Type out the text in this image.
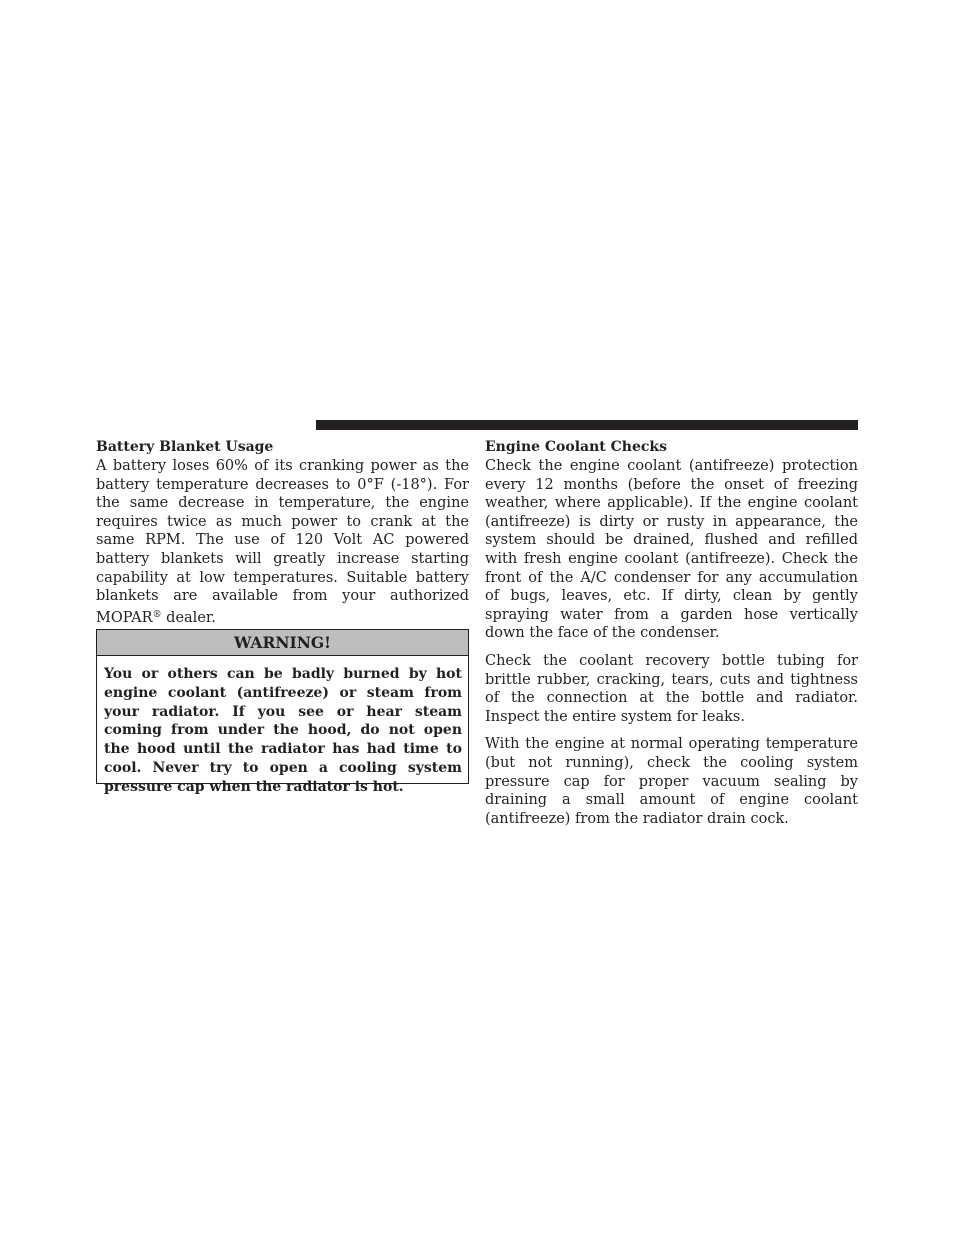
Battery Blanket Usage

A battery loses 60% of its cranking power as the battery temperature decreases to 0°F (-18°). For the same decrease in temperature, the engine requires twice as much power to crank at the same RPM. The use of 120 Volt AC powered battery blankets will greatly increase starting capability at low temperatures. Suitable battery blankets are available from your authorized MOPAR® dealer.

WARNING!
You or others can be badly burned by hot engine coolant (antifreeze) or steam from your radiator. If you see or hear steam coming from under the hood, do not open the hood until the radiator has had time to cool. Never try to open a cooling system pressure cap when the radiator is hot.
Engine Coolant Checks

Check the engine coolant (antifreeze) protection every 12 months (before the onset of freezing weather, where applicable). If the engine coolant (antifreeze) is dirty or rusty in appearance, the system should be drained, flushed and refilled with fresh engine coolant (antifreeze). Check the front of the A/C condenser for any accumulation of bugs, leaves, etc. If dirty, clean by gently spraying water from a garden hose vertically down the face of the condenser.

Check the coolant recovery bottle tubing for brittle rubber, cracking, tears, cuts and tightness of the connection at the bottle and radiator. Inspect the entire system for leaks.

With the engine at normal operating temperature (but not running), check the cooling system pressure cap for proper vacuum sealing by draining a small amount of engine coolant (antifreeze) from the radiator drain cock.
